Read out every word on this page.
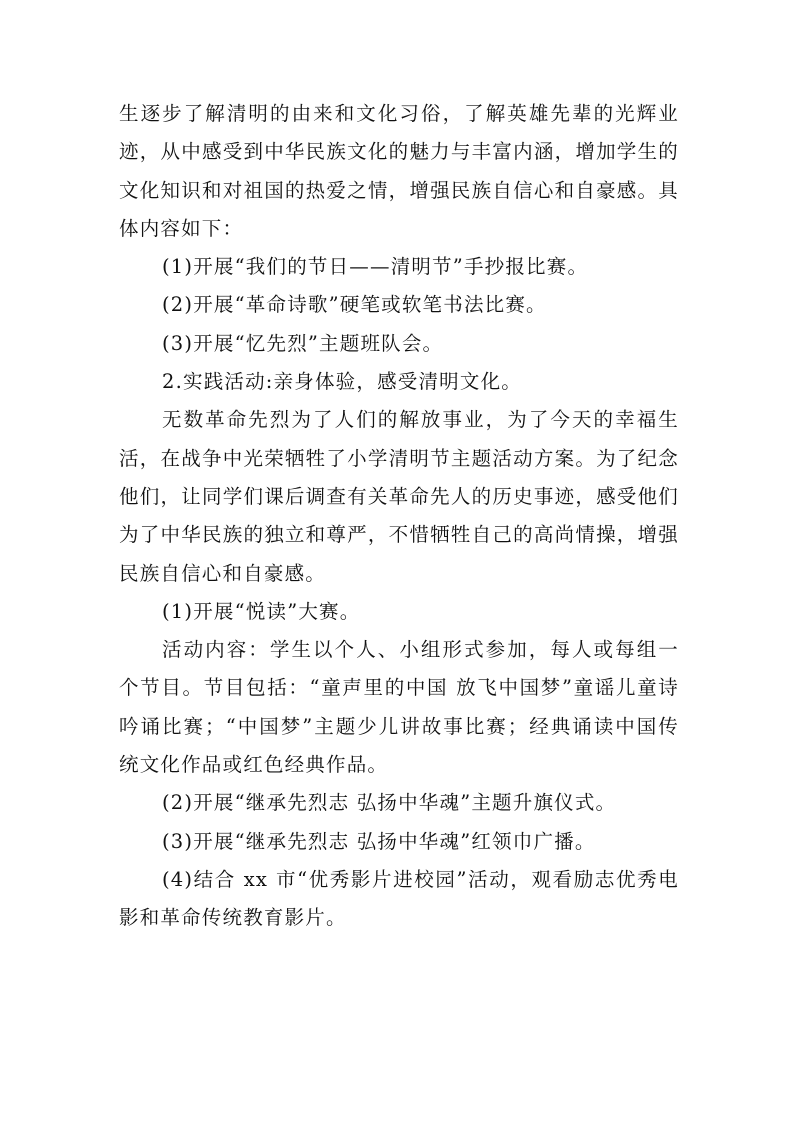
生逐步了解清明的由来和文化习俗，了解英雄先辈的光辉业迹，从中感受到中华民族文化的魅力与丰富内涵，增加学生的文化知识和对祖国的热爱之情，增强民族自信心和自豪感。具体内容如下：

(1)开展“我们的节日——清明节”手抄报比赛。

(2)开展“革命诗歌”硬笔或软笔书法比赛。

(3)开展“忆先烈”主题班队会。

2.实践活动:亲身体验，感受清明文化。

无数革命先烈为了人们的解放事业，为了今天的幸福生活，在战争中光荣牺牲了小学清明节主题活动方案。为了纪念他们，让同学们课后调查有关革命先人的历史事迹，感受他们为了中华民族的独立和尊严，不惜牺牲自己的高尚情操，增强民族自信心和自豪感。

(1)开展“悦读”大赛。

活动内容：学生以个人、小组形式参加，每人或每组一个节目。节目包括：“童声里的中国 放飞中国梦”童谣儿童诗吟诵比赛；“中国梦”主题少儿讲故事比赛；经典诵读中国传统文化作品或红色经典作品。

(2)开展“继承先烈志 弘扬中华魂”主题升旗仪式。

(3)开展“继承先烈志 弘扬中华魂”红领巾广播。

(4)结合 xx 市“优秀影片进校园”活动，观看励志优秀电影和革命传统教育影片。
